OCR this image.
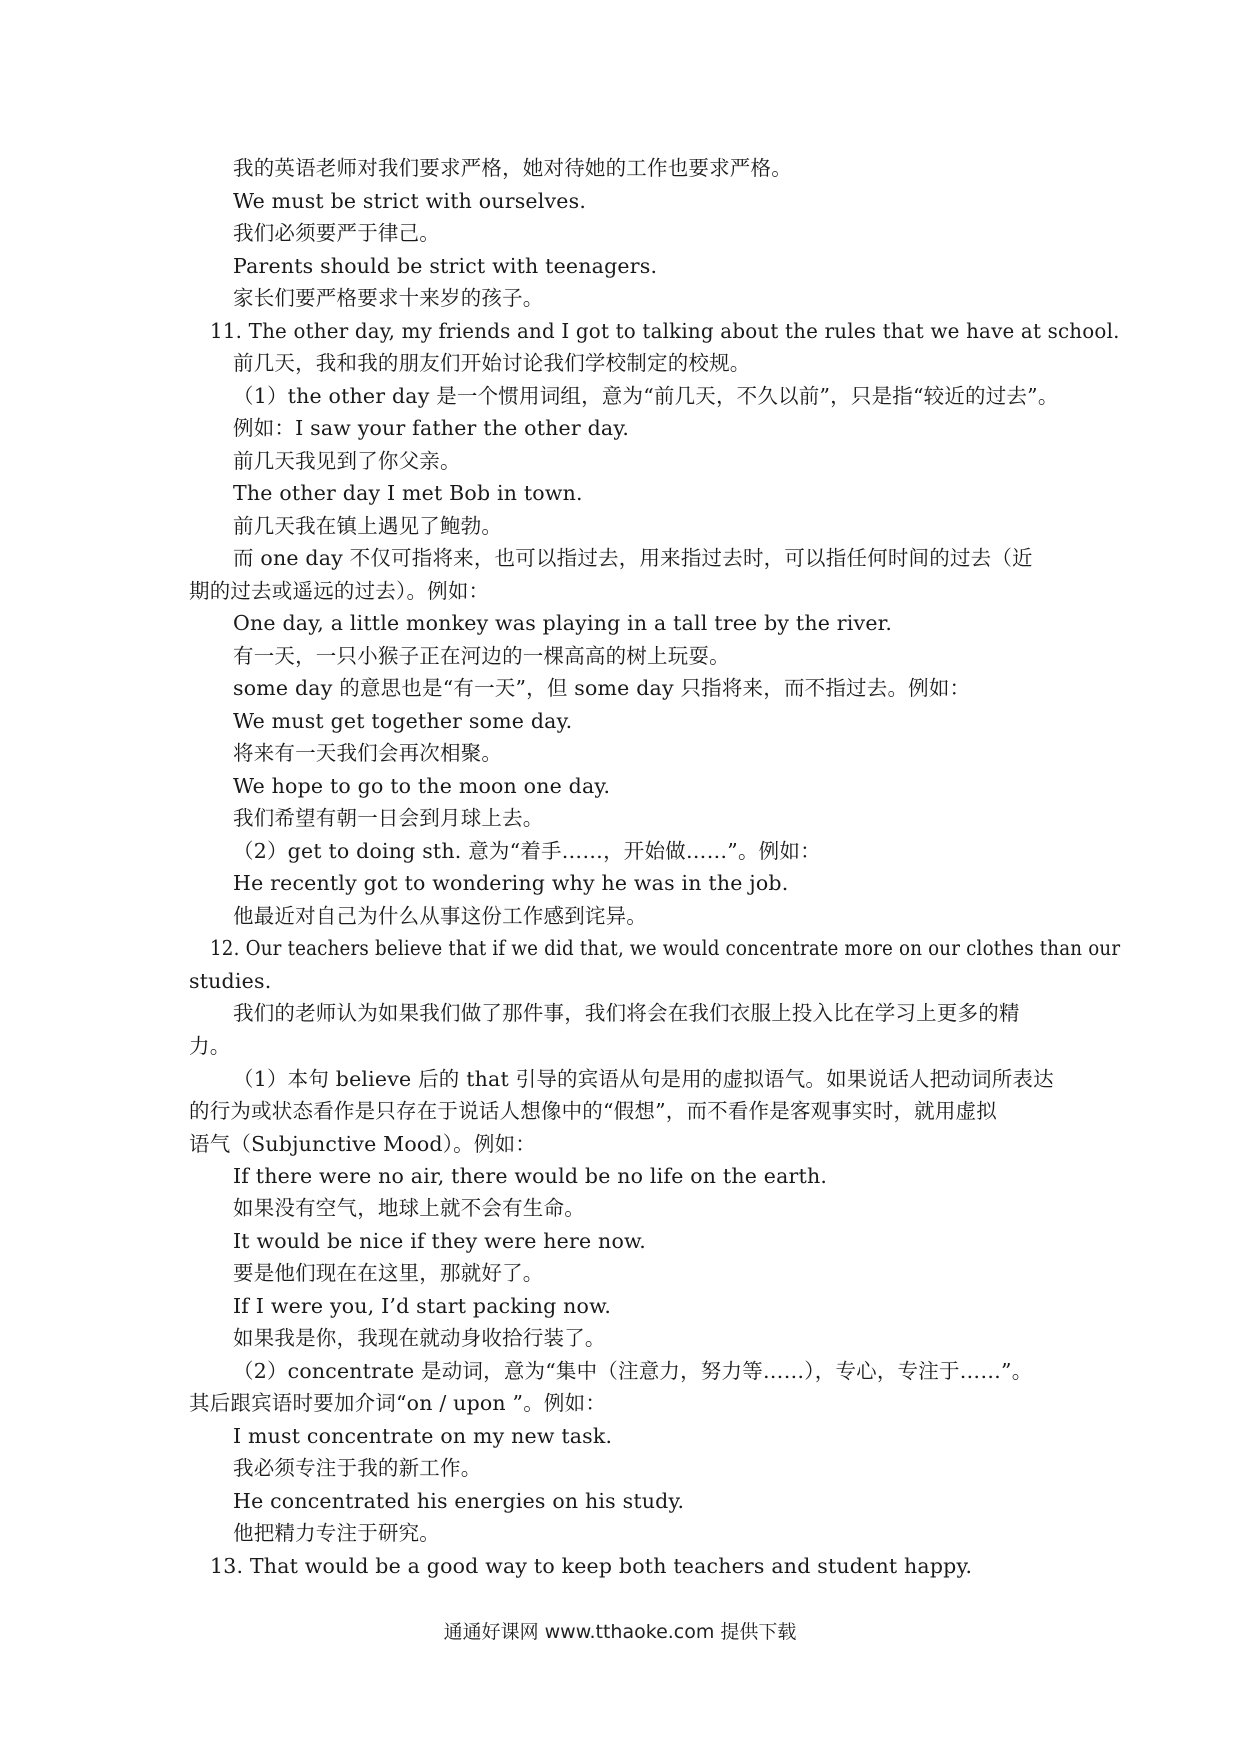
我的英语老师对我们要求严格，她对待她的工作也要求严格。
We must be strict with ourselves.
我们必须要严于律己。
Parents should be strict with teenagers.
家长们要严格要求十来岁的孩子。
11. The other day, my friends and I got to talking about the rules that we have at school.
前几天，我和我的朋友们开始讨论我们学校制定的校规。
（1）the other day 是一个惯用词组，意为“前几天，不久以前”，只是指“较近的过去”。
例如：I saw your father the other day.
前几天我见到了你父亲。
The other day I met Bob in town.
前几天我在镇上遇见了鲍勃。
而 one day 不仅可指将来，也可以指过去，用来指过去时，可以指任何时间的过去（近
期的过去或遥远的过去）。例如：
One day, a little monkey was playing in a tall tree by the river.
有一天，一只小猴子正在河边的一棵高高的树上玩耍。
some day 的意思也是“有一天”，但 some day 只指将来，而不指过去。例如：
We must get together some day.
将来有一天我们会再次相聚。
We hope to go to the moon one day.
我们希望有朝一日会到月球上去。
（2）get to doing sth. 意为“着手……，开始做……”。例如：
He recently got to wondering why he was in the job.
他最近对自己为什么从事这份工作感到诧异。
12. Our teachers believe that if we did that, we would concentrate more on our clothes than our
studies.
我们的老师认为如果我们做了那件事，我们将会在我们衣服上投入比在学习上更多的精
力。
（1）本句 believe 后的 that 引导的宾语从句是用的虚拟语气。如果说话人把动词所表达
的行为或状态看作是只存在于说话人想像中的“假想”，而不看作是客观事实时，就用虚拟
语气（Subjunctive Mood）。例如：
If there were no air, there would be no life on the earth.
如果没有空气，地球上就不会有生命。
It would be nice if they were here now.
要是他们现在在这里，那就好了。
If I were you, I’d start packing now.
如果我是你，我现在就动身收拾行装了。
（2）concentrate 是动词，意为“集中（注意力，努力等……），专心，专注于……”。
其后跟宾语时要加介词“on / upon ”。例如：
I must concentrate on my new task.
我必须专注于我的新工作。
He concentrated his energies on his study.
他把精力专注于研究。
13. That would be a good way to keep both teachers and student happy.
通通好课网 www.tthaoke.com 提供下载
